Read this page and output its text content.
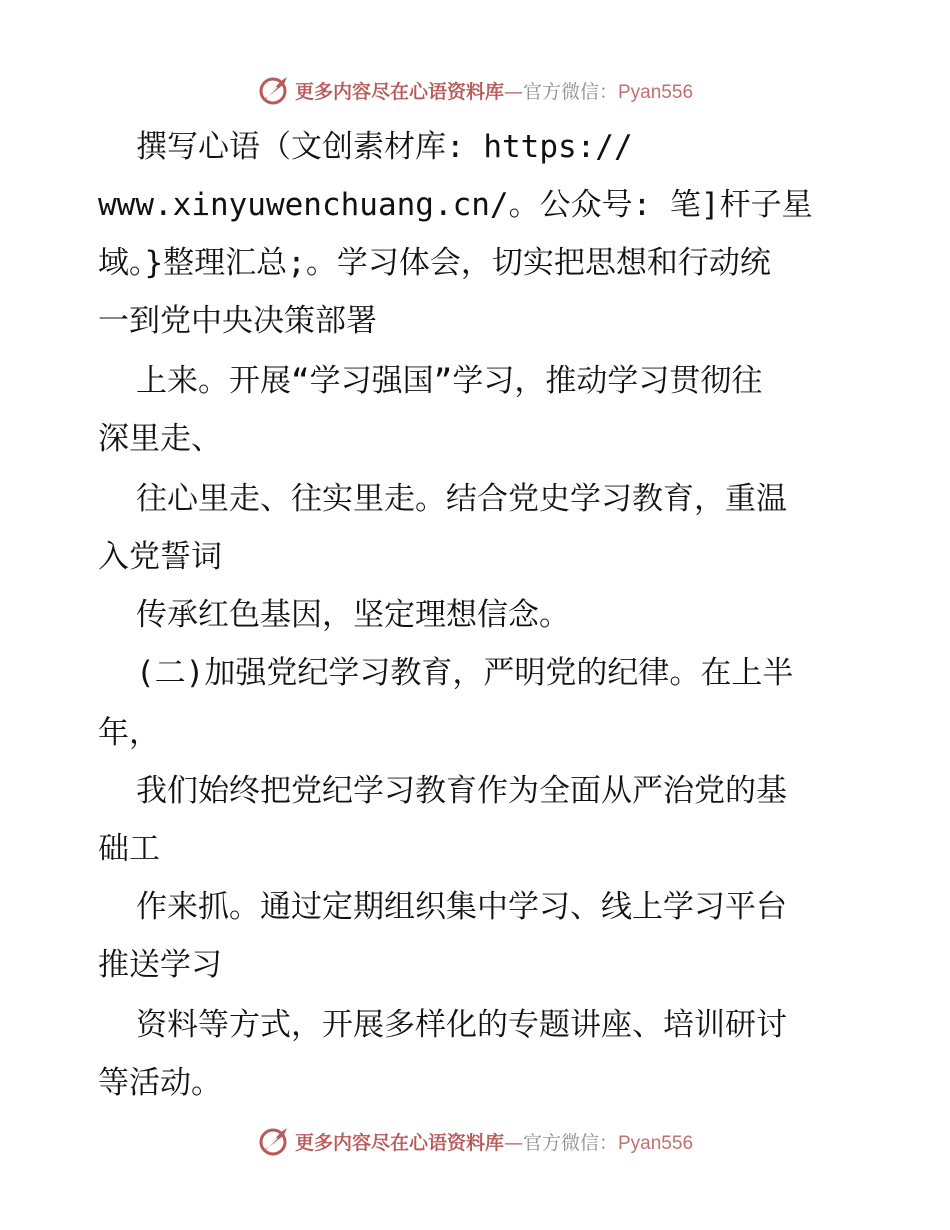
更多内容尽在心语资料库—官方微信：Pyan556
撰写心语（文创素材库: https://
www.xinyuwenchuang.cn/。公众号: 笔]杆子星
域。}整理汇总;。学习体会，切实把思想和行动统
一到党中央决策部署
上来。开展“学习强国”学习，推动学习贯彻往
深里走、
往心里走、往实里走。结合党史学习教育，重温
入党誓词
传承红色基因，坚定理想信念。
(二)加强党纪学习教育，严明党的纪律。在上半
年，
我们始终把党纪学习教育作为全面从严治党的基
础工
作来抓。通过定期组织集中学习、线上学习平台
推送学习
资料等方式，开展多样化的专题讲座、培训研讨
等活动。
更多内容尽在心语资料库—官方微信：Pyan556
